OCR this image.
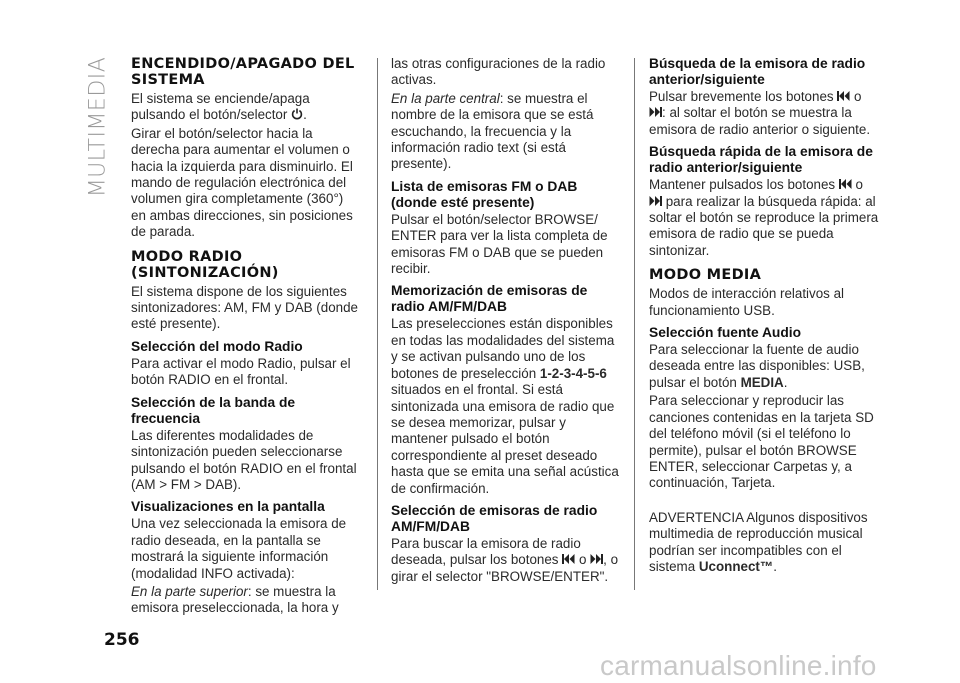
MULTIMEDIA ENCENDIDO/APAGADO DEL SISTEMA

El sistema se enciende/apaga pulsando el botón/selector .

Girar el botón/selector hacia la derecha para aumentar el volumen o hacia la izquierda para disminuirlo. El mando de regulación electrónica del volumen gira completamente (360°) en ambas direcciones, sin posiciones de parada.

MODO RADIO (SINTONIZACIÓN)

El sistema dispone de los siguientes sintonizadores: AM, FM y DAB (donde esté presente).

Selección del modo Radio

Para activar el modo Radio, pulsar el botón RADIO en el frontal.

Selección de la banda de frecuencia

Las diferentes modalidades de sintonización pueden seleccionarse pulsando el botón RADIO en el frontal (AM > FM > DAB).

Visualizaciones en la pantalla

Una vez seleccionada la emisora de radio deseada, en la pantalla se mostrará la siguiente información (modalidad INFO activada):

En la parte superior: se muestra la emisora preseleccionada, la hora y

las otras configuraciones de la radio activas.

En la parte central: se muestra el nombre de la emisora que se está escuchando, la frecuencia y la información radio text (si está presente).

Lista de emisoras FM o DAB (donde esté presente)

Pulsar el botón/selector BROWSE/ ENTER para ver la lista completa de emisoras FM o DAB que se pueden recibir.

Memorización de emisoras de radio AM/FM/DAB

Las preselecciones están disponibles en todas las modalidades del sistema y se activan pulsando uno de los botones de preselección 1-2-3-4-5-6 situados en el frontal. Si está sintonizada una emisora de radio que se desea memorizar, pulsar y mantener pulsado el botón correspondiente al preset deseado hasta que se emita una señal acústica de confirmación.

Selección de emisoras de radio AM/FM/DAB

Para buscar la emisora de radio deseada, pulsar los botones  o , o girar el selector "BROWSE/ENTER".

Búsqueda de la emisora de radio anterior/siguiente

Pulsar brevemente los botones  o
: al soltar el botón se muestra la emisora de radio anterior o siguiente.

Búsqueda rápida de la emisora de radio anterior/siguiente

Mantener pulsados los botones  o
para realizar la búsqueda rápida: al soltar el botón se reproduce la primera emisora de radio que se pueda sintonizar.

MODO MEDIA

Modos de interacción relativos al funcionamiento USB.

Selección fuente Audio

Para seleccionar la fuente de audio deseada entre las disponibles: USB, pulsar el botón MEDIA.

Para seleccionar y reproducir las canciones contenidas en la tarjeta SD del teléfono móvil (si el teléfono lo permite), pulsar el botón BROWSE ENTER, seleccionar Carpetas y, a continuación, Tarjeta.

ADVERTENCIA Algunos dispositivos multimedia de reproducción musical podrían ser incompatibles con el sistema Uconnect™.

256
carmanualsonline.info
